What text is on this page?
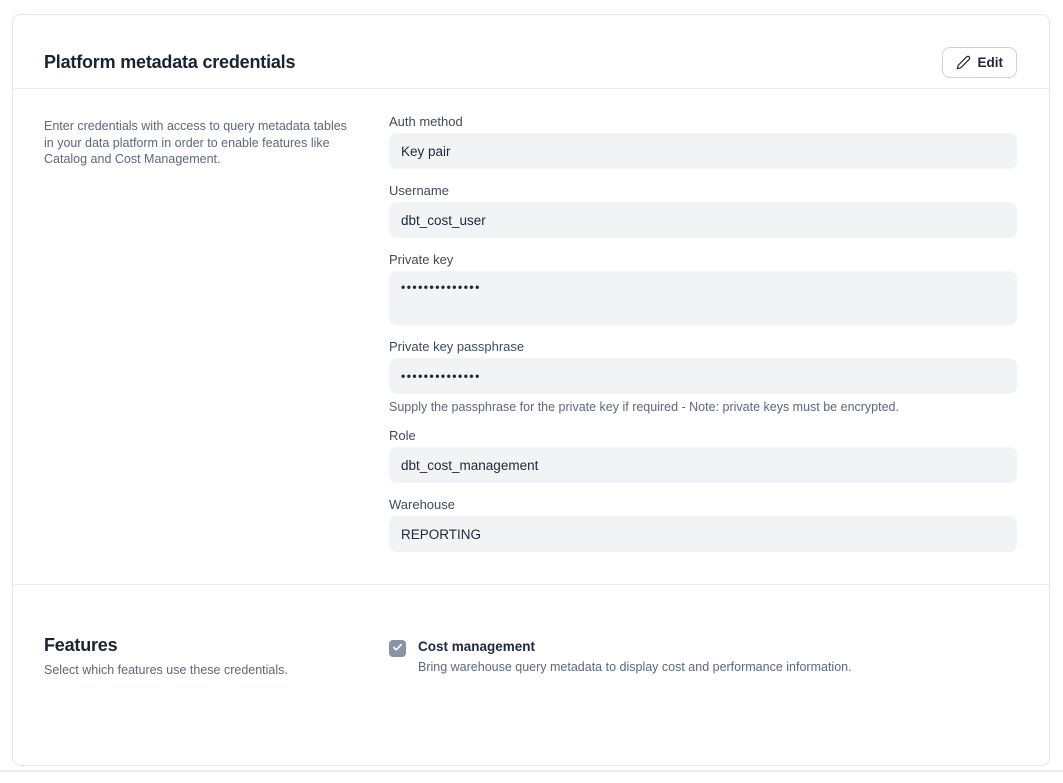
Platform metadata credentials	Edit

Enter credentials with access to query metadata tables in your data platform in order to enable features like Catalog and Cost Management.

Auth method
Key pair
Username
dbt_cost_user
Private key
••••••••••••••
Private key passphrase
••••••••••••••
Supply the passphrase for the private key if required - Note: private keys must be encrypted.
Role
dbt_cost_management
Warehouse
REPORTING
Features

Select which features use these credentials.

Cost management
Bring warehouse query metadata to display cost and performance information.
